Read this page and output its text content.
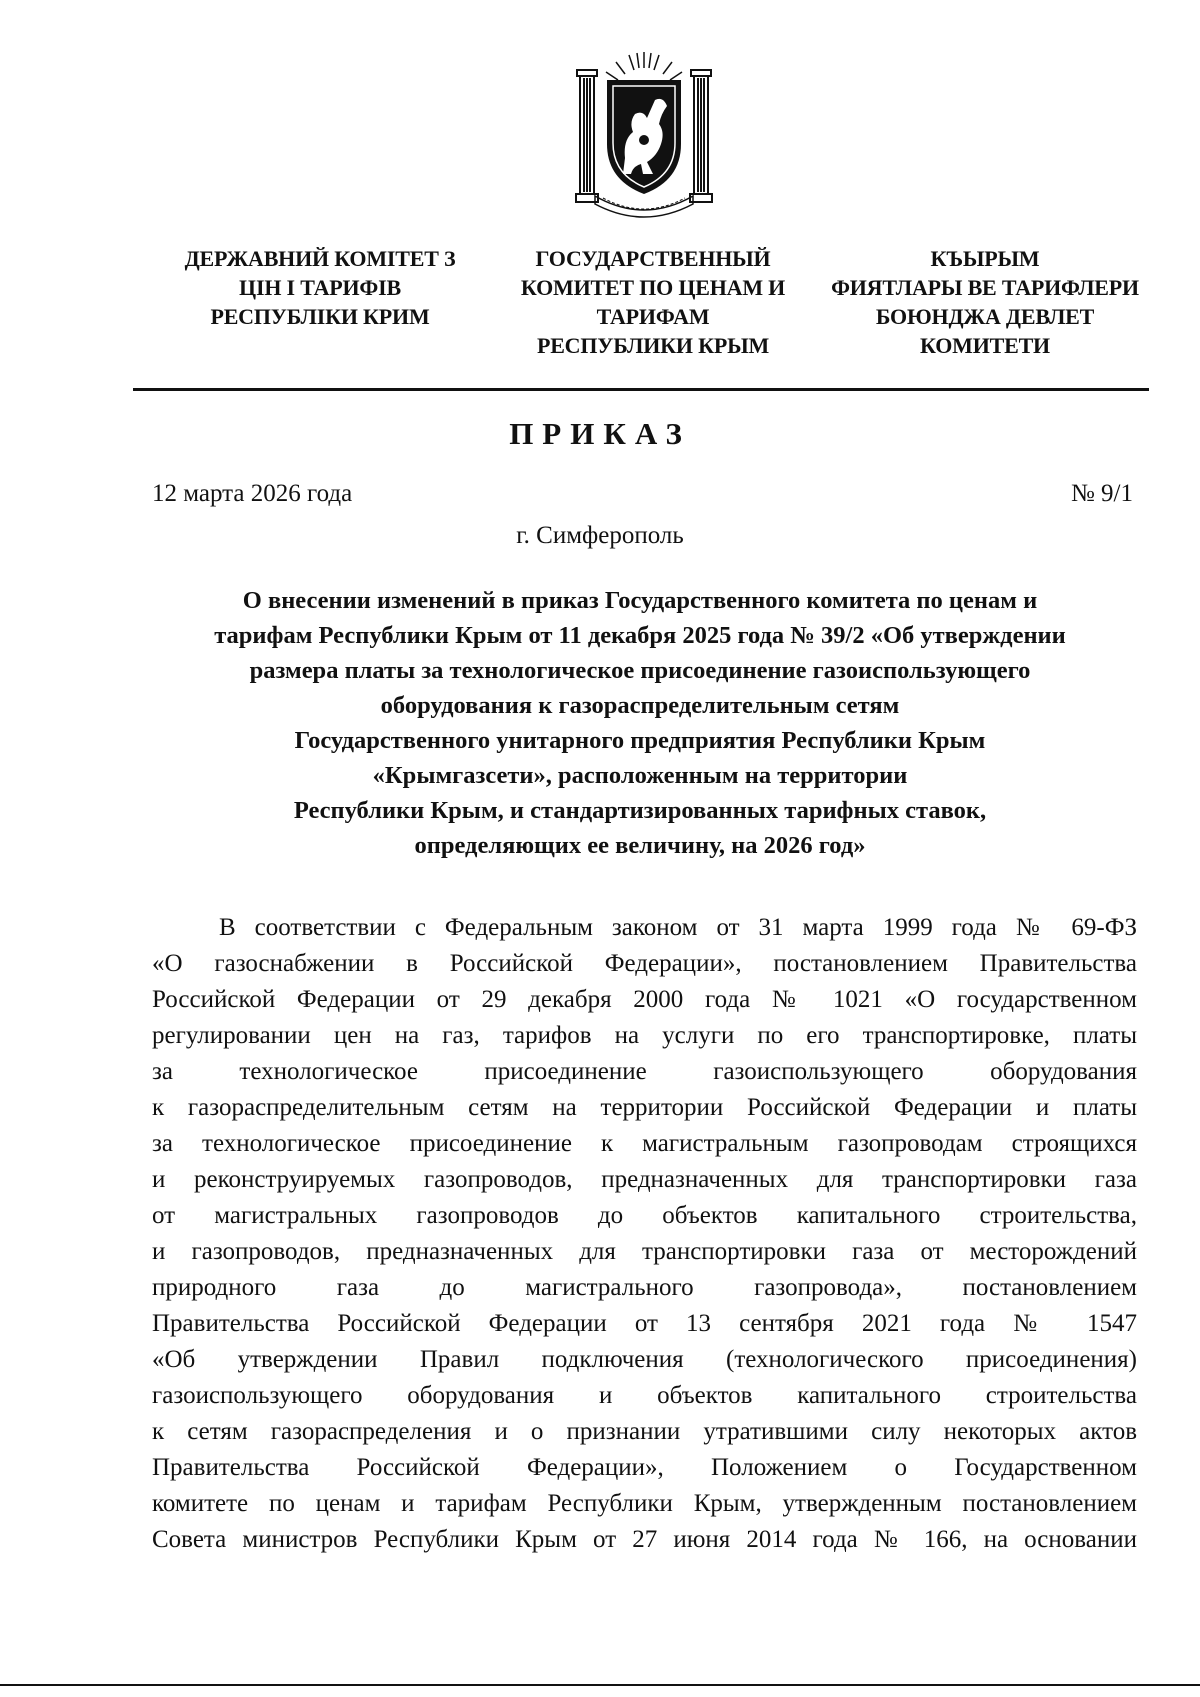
ДЕРЖАВНИЙ КОМІТЕТ З
ЦІН І ТАРИФІВ
РЕСПУБЛІКИ КРИМ
ГОСУДАРСТВЕННЫЙ
КОМИТЕТ ПО ЦЕНАМ И
ТАРИФАМ
РЕСПУБЛИКИ КРЫМ
КЪЫРЫМ
ФИЯТЛАРЫ ВЕ ТАРИФЛЕРИ
БОЮНДЖА ДЕВЛЕТ
КОМИТЕТИ
ПРИКАЗ
12 марта 2026 года	№ 9/1
г. Симферополь
О внесении изменений в приказ Государственного комитета по ценам и
тарифам Республики Крым от 11 декабря 2025 года № 39/2 «Об утверждении
размера платы за технологическое присоединение газоиспользующего
оборудования к газораспределительным сетям
Государственного унитарного предприятия Республики Крым
«Крымгазсети», расположенным на территории
Республики Крым, и стандартизированных тарифных ставок,
определяющих ее величину, на 2026 год»
В соответствии с Федеральным законом от 31 марта 1999 года № 69-ФЗ
«О газоснабжении в Российской Федерации», постановлением Правительства
Российской Федерации от 29 декабря 2000 года № 1021 «О государственном
регулировании цен на газ, тарифов на услуги по его транспортировке, платы
за технологическое присоединение газоиспользующего оборудования
к газораспределительным сетям на территории Российской Федерации и платы
за технологическое присоединение к магистральным газопроводам строящихся
и реконструируемых газопроводов, предназначенных для транспортировки газа
от магистральных газопроводов до объектов капитального строительства,
и газопроводов, предназначенных для транспортировки газа от месторождений
природного газа до магистрального газопровода», постановлением
Правительства Российской Федерации от 13 сентября 2021 года № 1547
«Об утверждении Правил подключения (технологического присоединения)
газоиспользующего оборудования и объектов капитального строительства
к сетям газораспределения и о признании утратившими силу некоторых актов
Правительства Российской Федерации», Положением о Государственном
комитете по ценам и тарифам Республики Крым, утвержденным постановлением
Совета министров Республики Крым от 27 июня 2014 года № 166, на основании
